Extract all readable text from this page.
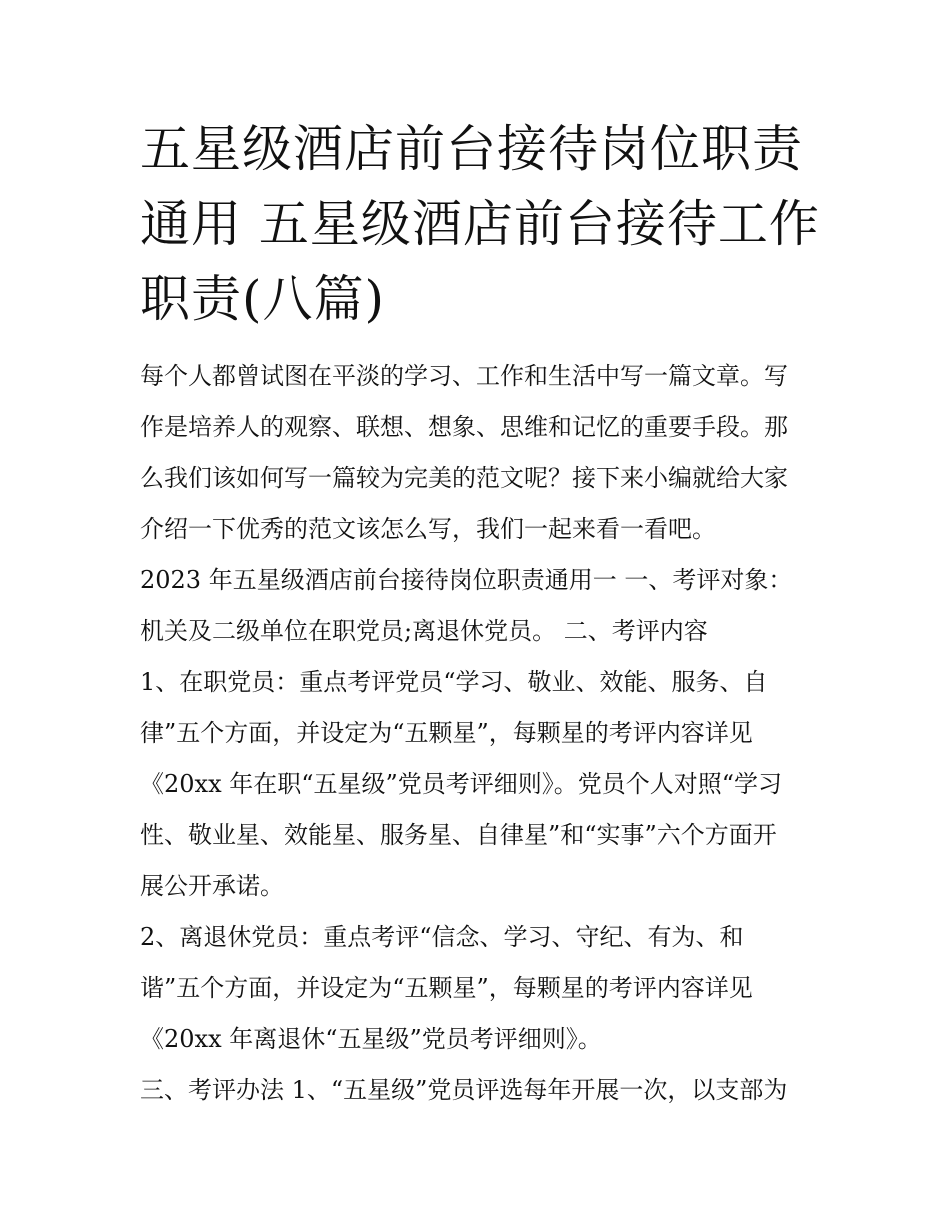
五星级酒店前台接待岗位职责
通用 五星级酒店前台接待工作
职责(八篇)
每个人都曾试图在平淡的学习、工作和生活中写一篇文章。写
作是培养人的观察、联想、想象、思维和记忆的重要手段。那
么我们该如何写一篇较为完美的范文呢？接下来小编就给大家
介绍一下优秀的范文该怎么写，我们一起来看一看吧。
2023 年五星级酒店前台接待岗位职责通用一 一、考评对象：
机关及二级单位在职党员;离退休党员。 二、考评内容
1、在职党员：重点考评党员“学习、敬业、效能、服务、自
律”五个方面，并设定为“五颗星”，每颗星的考评内容详见
《20xx 年在职“五星级”党员考评细则》。党员个人对照“学习
性、敬业星、效能星、服务星、自律星”和“实事”六个方面开
展公开承诺。
2、离退休党员：重点考评“信念、学习、守纪、有为、和
谐”五个方面，并设定为“五颗星”，每颗星的考评内容详见
《20xx 年离退休“五星级”党员考评细则》。
三、考评办法 1、“五星级”党员评选每年开展一次，以支部为
